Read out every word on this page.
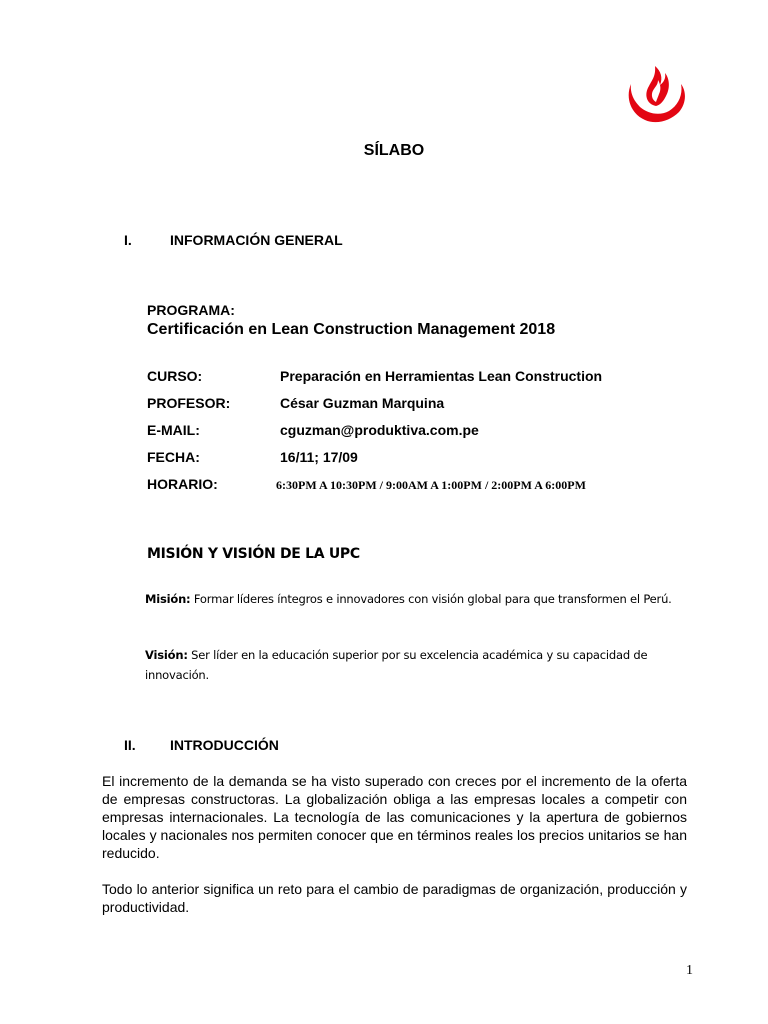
SÍLABO
I.	INFORMACIÓN GENERAL
PROGRAMA:
Certificación en Lean Construction Management 2018
CURSO:	Preparación en Herramientas Lean Construction
PROFESOR:	César Guzman Marquina
E-MAIL:	cguzman@produktiva.com.pe
FECHA:	16/11; 17/09
HORARIO:	6:30PM A 10:30PM / 9:00AM A 1:00PM / 2:00PM A 6:00PM
MISIÓN Y VISIÓN DE LA UPC

Misión: Formar líderes íntegros e innovadores con visión global para que transformen el Perú.

Visión: Ser líder en la educación superior por su excelencia académica y su capacidad de innovación.

II. INTRODUCCIÓN

El incremento de la demanda se ha visto superado con creces por el incremento de la oferta de empresas constructoras. La globalización obliga a las empresas locales a competir con empresas internacionales. La tecnología de las comunicaciones y la apertura de gobiernos locales y nacionales nos permiten conocer que en términos reales los precios unitarios se han reducido.

Todo lo anterior significa un reto para el cambio de paradigmas de organización, producción y productividad.

1
